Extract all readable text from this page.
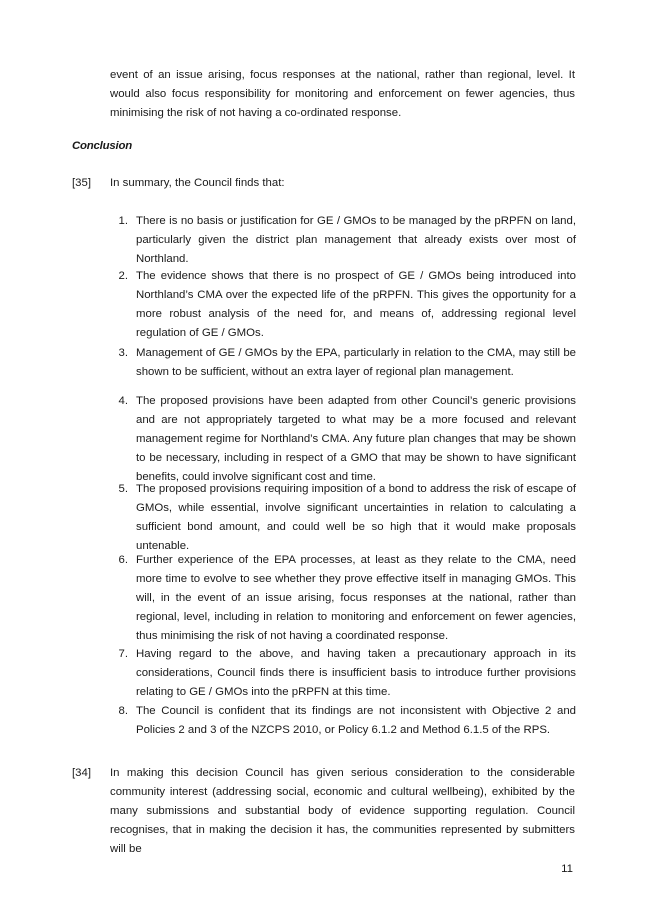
event of an issue arising, focus responses at the national, rather than regional, level. It would also focus responsibility for monitoring and enforcement on fewer agencies, thus minimising the risk of not having a co-ordinated response.
Conclusion
[35] In summary, the Council finds that:
1. There is no basis or justification for GE / GMOs to be managed by the pRPFN on land, particularly given the district plan management that already exists over most of Northland.
2. The evidence shows that there is no prospect of GE / GMOs being introduced into Northland’s CMA over the expected life of the pRPFN. This gives the opportunity for a more robust analysis of the need for, and means of, addressing regional level regulation of GE / GMOs.
3. Management of GE / GMOs by the EPA, particularly in relation to the CMA, may still be shown to be sufficient, without an extra layer of regional plan management.
4. The proposed provisions have been adapted from other Council’s generic provisions and are not appropriately targeted to what may be a more focused and relevant management regime for Northland’s CMA. Any future plan changes that may be shown to be necessary, including in respect of a GMO that may be shown to have significant benefits, could involve significant cost and time.
5. The proposed provisions requiring imposition of a bond to address the risk of escape of GMOs, while essential, involve significant uncertainties in relation to calculating a sufficient bond amount, and could well be so high that it would make proposals untenable.
6. Further experience of the EPA processes, at least as they relate to the CMA, need more time to evolve to see whether they prove effective itself in managing GMOs. This will, in the event of an issue arising, focus responses at the national, rather than regional, level, including in relation to monitoring and enforcement on fewer agencies, thus minimising the risk of not having a coordinated response.
7. Having regard to the above, and having taken a precautionary approach in its considerations, Council finds there is insufficient basis to introduce further provisions relating to GE / GMOs into the pRPFN at this time.
8. The Council is confident that its findings are not inconsistent with Objective 2 and Policies 2 and 3 of the NZCPS 2010, or Policy 6.1.2 and Method 6.1.5 of the RPS.
[34] In making this decision Council has given serious consideration to the considerable community interest (addressing social, economic and cultural wellbeing), exhibited by the many submissions and substantial body of evidence supporting regulation. Council recognises, that in making the decision it has, the communities represented by submitters will be
11
